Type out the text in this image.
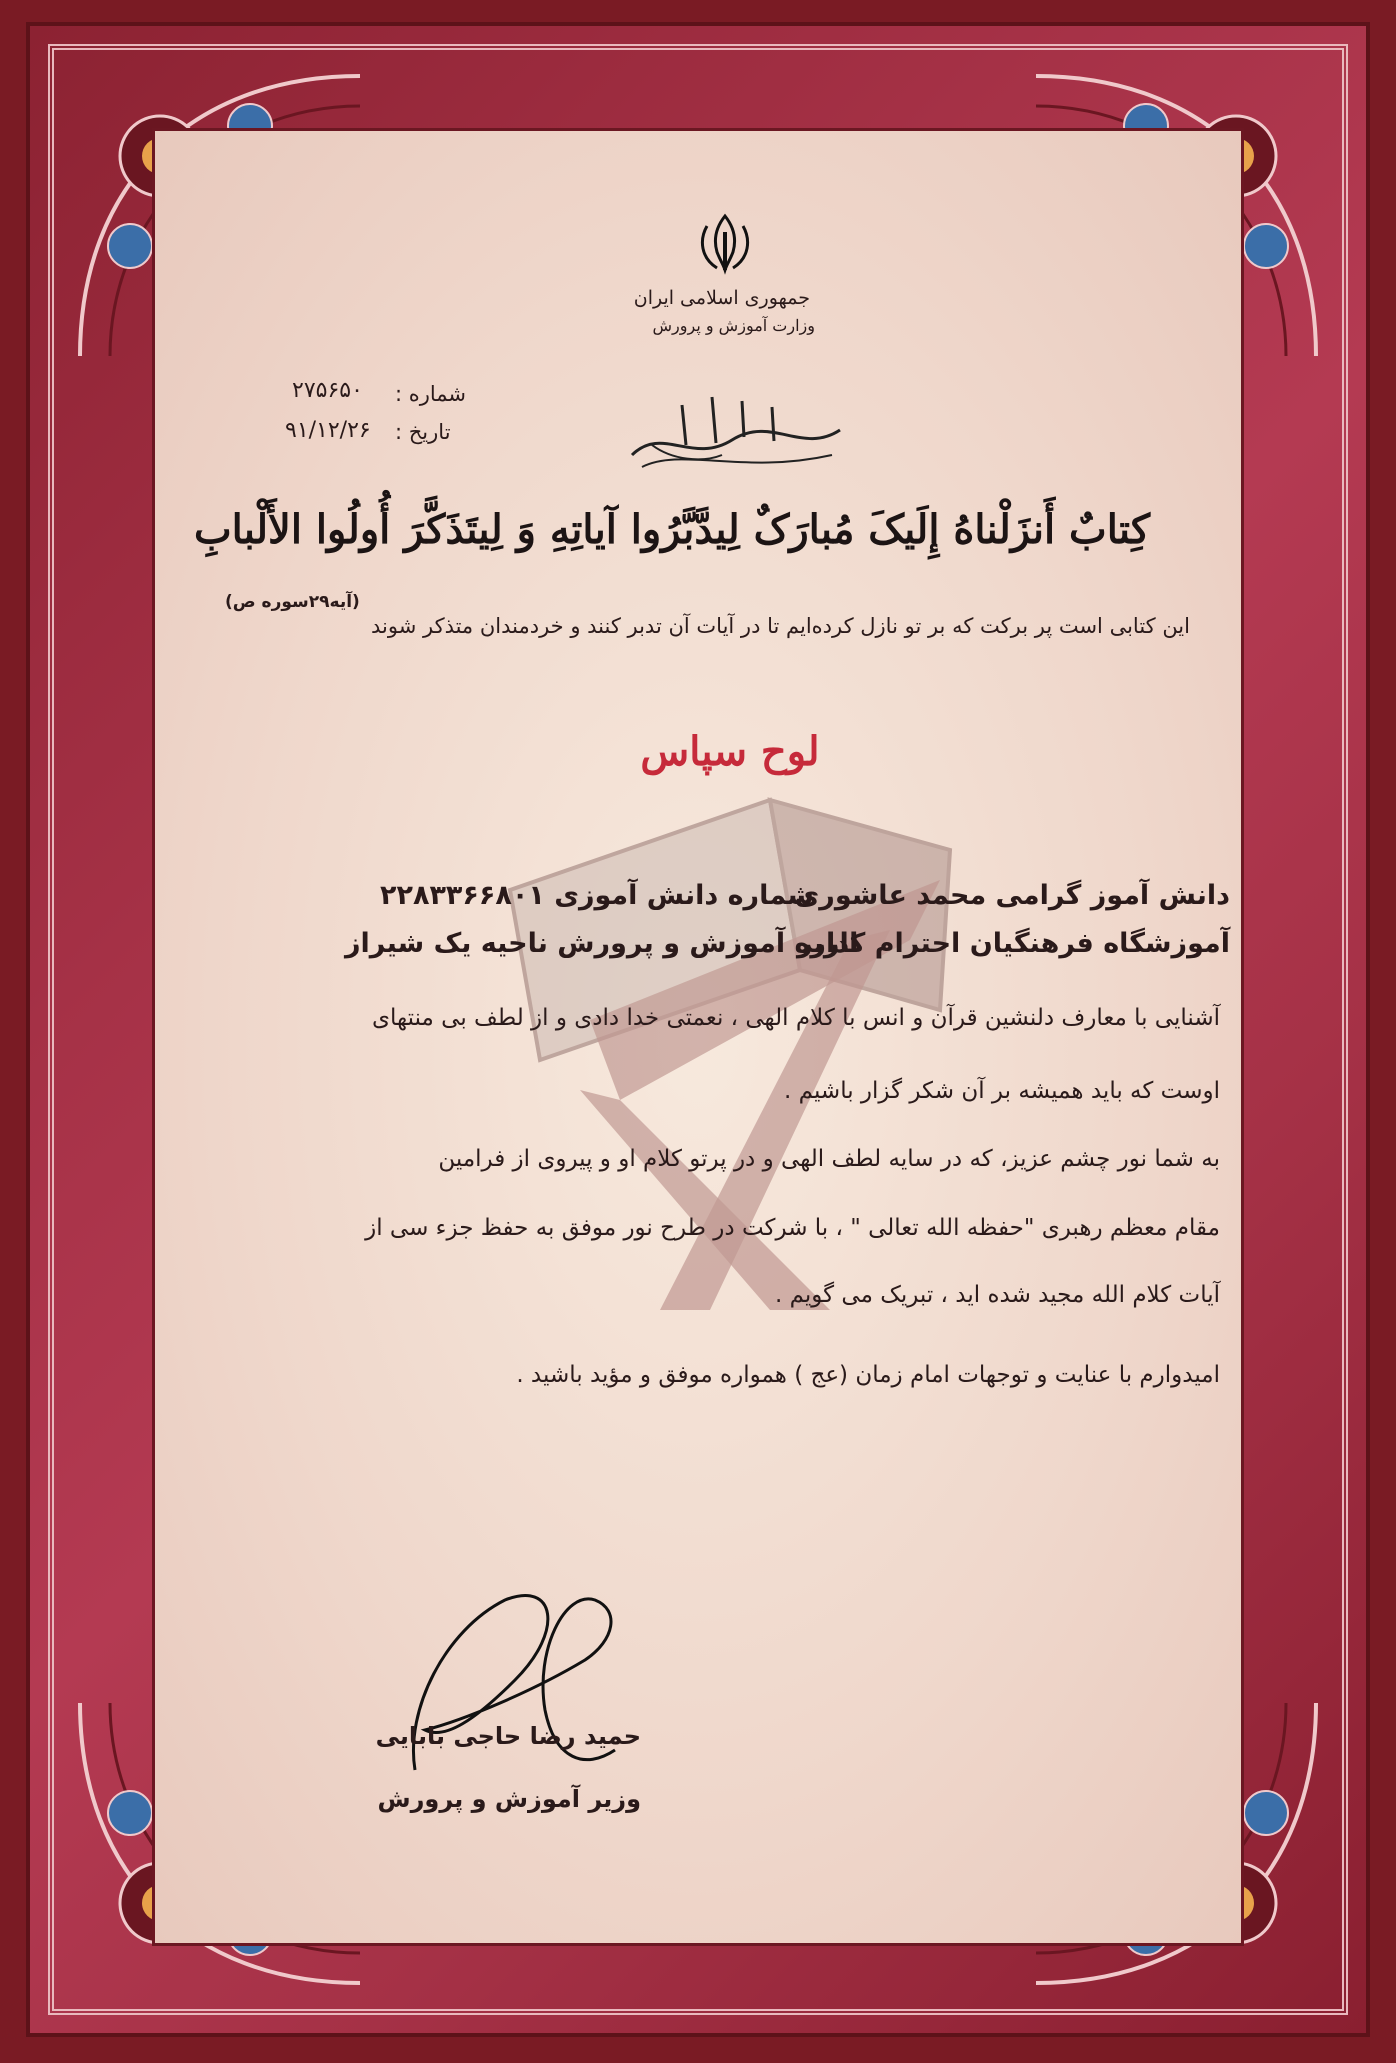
جمهوری اسلامی ایران
وزارت آموزش و پرورش
شماره :
۲۷۵۶۵۰
تاریخ :
۹۱/۱۲/۲۶
کِتابٌ أَنزَلْناهُ إِلَیکَ مُبارَکٌ لِیدَّبَّرُوا آیاتِهِ وَ لِیتَذَکَّرَ أُولُوا الأَلْبابِ
(آیه۲۹سوره ص)
این کتابی است پر برکت که بر تو نازل کرده‌ایم تا در آیات آن تدبر کنند و خردمندان متذکر شوند
لوح سپاس
دانش آموز گرامی محمد عاشوری
شماره دانش آموزی ۲۲۸۳۳۶۶۸۰۱
آموزشگاه فرهنگیان احترام کاربر
اداره آموزش و پرورش ناحیه یک شیراز
آشنایی با معارف دلنشین قرآن و انس با کلام الهی ، نعمتی خدا دادی و از لطف بی منتهای
اوست که باید همیشه بر آن شکر گزار باشیم .
به شما نور چشم عزیز، که در سایه لطف الهی و در پرتو کلام او و پیروی از فرامین
مقام معظم رهبری "حفظه الله تعالی " ، با شرکت در طرح نور موفق به حفظ جزء سی از
آیات کلام الله مجید شده اید ، تبریک می گویم .
امیدوارم با عنایت و توجهات امام زمان (عج ) همواره موفق و مؤید باشید .
حمید رضا حاجی بابایی
وزیر آموزش و پرورش
